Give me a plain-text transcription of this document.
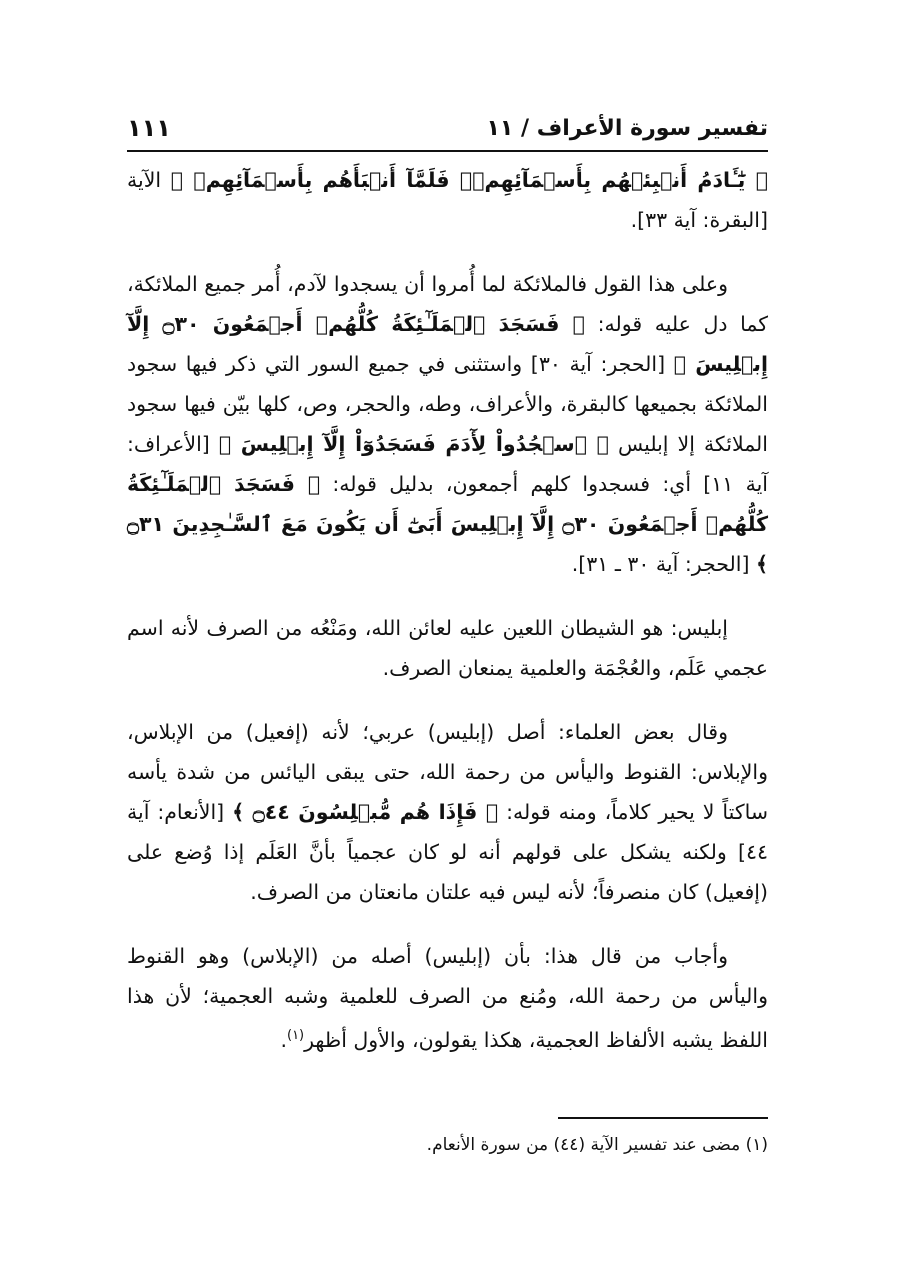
تفسير سورة الأعراف / ١١
١١١

﴿ يَٰٓـَٔادَمُ أَنۢبِئۡهُم بِأَسۡمَآئِهِمۡۖ فَلَمَّآ أَنۢبَأَهُم بِأَسۡمَآئِهِمۡ ﴾ الآية [البقرة: آية ٣٣].

وعلى هذا القول فالملائكة لما أُمروا أن يسجدوا لآدم، أُمر جميع الملائكة، كما دل عليه قوله: ﴿ فَسَجَدَ ٱلۡمَلَـٰٓئِكَةُ كُلُّهُمۡ أَجۡمَعُونَ ۝٣٠ إِلَّآ إِبۡلِيسَ ﴾ [الحجر: آية ٣٠] واستثنى في جميع السور التي ذكر فيها سجود الملائكة بجميعها كالبقرة، والأعراف، وطه، والحجر، وص، كلها بيّن فيها سجود الملائكة إلا إبليس ﴿ ٱسۡجُدُواْ لِأٓدَمَ فَسَجَدُوٓاْ إِلَّآ إِبۡلِيسَ ﴾ [الأعراف: آية ١١] أي: فسجدوا كلهم أجمعون، بدليل قوله: ﴿ فَسَجَدَ ٱلۡمَلَـٰٓئِكَةُ كُلُّهُمۡ أَجۡمَعُونَ ۝٣٠ إِلَّآ إِبۡلِيسَ أَبَىٰٓ أَن يَكُونَ مَعَ ٱلسَّـٰجِدِينَ ۝٣١ ﴾ [الحجر: آية ٣٠ ـ ٣١].

إبليس: هو الشيطان اللعين عليه لعائن الله، ومَنْعُه من الصرف لأنه اسم عجمي عَلَم، والعُجْمَة والعلمية يمنعان الصرف.

وقال بعض العلماء: أصل (إبليس) عربي؛ لأنه (إفعيل) من الإبلاس، والإبلاس: القنوط واليأس من رحمة الله، حتى يبقى اليائس من شدة يأسه ساكتاً لا يحير كلاماً، ومنه قوله: ﴿ فَإِذَا هُم مُّبۡلِسُونَ ۝٤٤ ﴾ [الأنعام: آية ٤٤] ولكنه يشكل على قولهم أنه لو كان عجمياً بأنَّ العَلَم إذا وُضع على (إفعيل) كان منصرفاً؛ لأنه ليس فيه علتان مانعتان من الصرف.

وأجاب من قال هذا: بأن (إبليس) أصله من (الإبلاس) وهو القنوط واليأس من رحمة الله، ومُنع من الصرف للعلمية وشبه العجمية؛ لأن هذا اللفظ يشبه الألفاظ العجمية، هكذا يقولون، والأول أظهر$^{(١)}$.

(١) مضى عند تفسير الآية (٤٤) من سورة الأنعام.
